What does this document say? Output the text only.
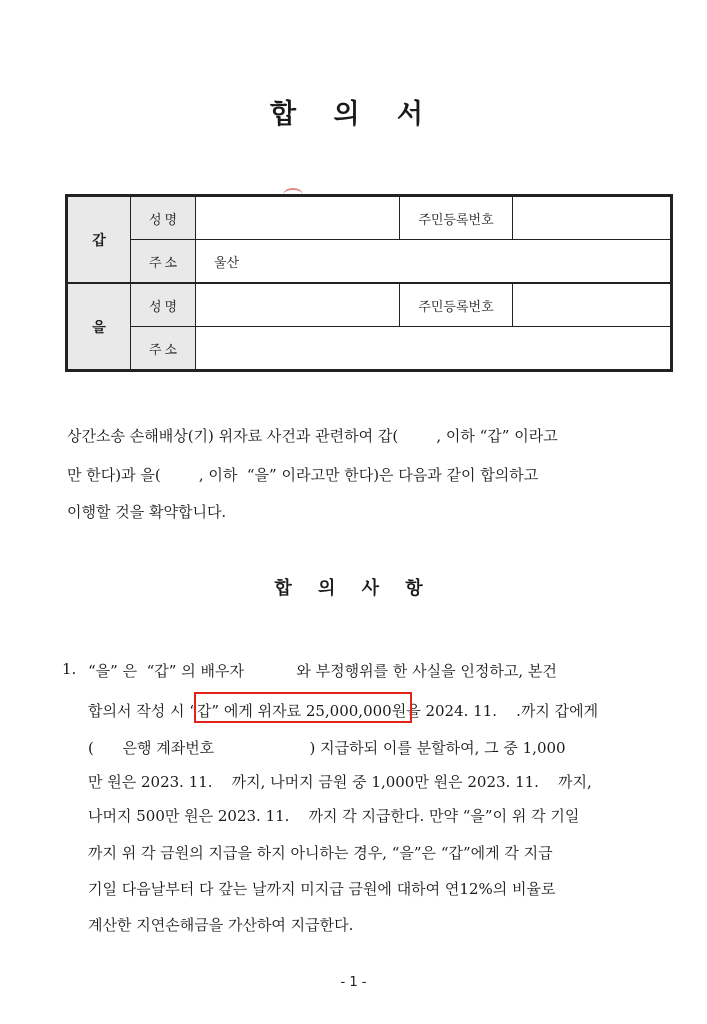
합 의 서
갑	성 명		주민등록번호	

	주 소	울산		
을	성 명		주민등록번호	

	주 소			

상간소송 손해배상(기) 위자료 사건과 관련하여 갑(        , 이하 “갑” 이라고
만 한다)과 을(        , 이하  “을” 이라고만 한다)은 다음과 같이 합의하고
이행할 것을 확약합니다.
합 의 사 항
1. “을” 은  “갑” 의 배우자           와 부정행위를 한 사실을 인정하고, 본건
합의서 작성 시 “갑” 에게 위자료 25,000,000원을 2024. 11.    .까지 갑에게
(      은행 계좌번호                    ) 지급하되 이를 분할하여, 그 중 1,000
만 원은 2023. 11.    까지, 나머지 금원 중 1,000만 원은 2023. 11.    까지,
나머지 500만 원은 2023. 11.    까지 각 지급한다. 만약 “을”이 위 각 기일
까지 위 각 금원의 지급을 하지 아니하는 경우, “을”은 “갑”에게 각 지급
기일 다음날부터 다 갚는 날까지 미지급 금원에 대하여 연12%의 비율로
계산한 지연손해금을 가산하여 지급한다.
- 1 -
